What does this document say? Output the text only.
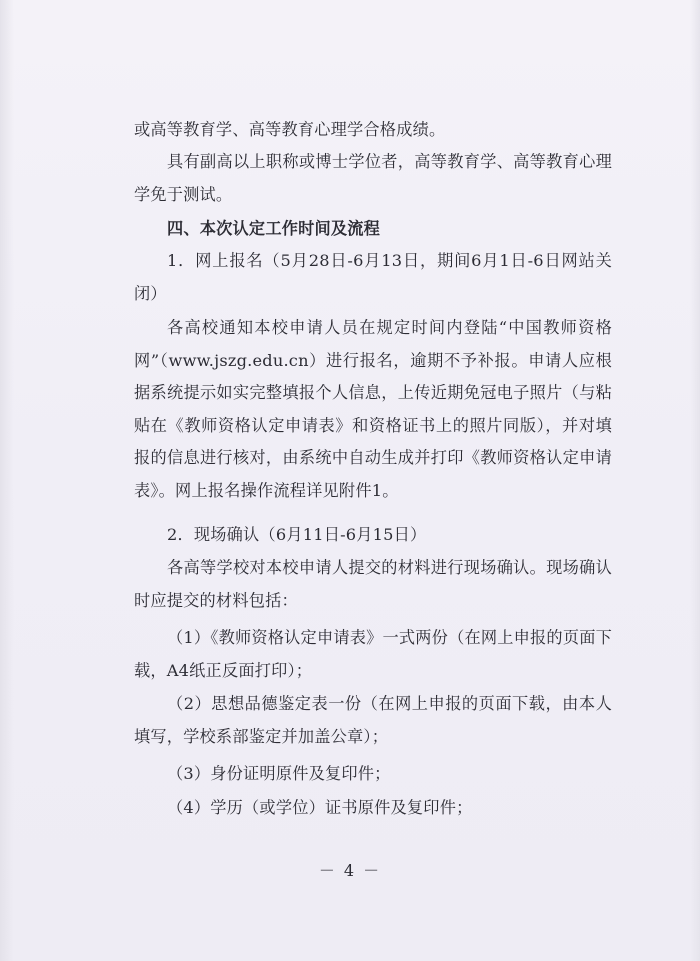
或高等教育学、高等教育心理学合格成绩。

具有副高以上职称或博士学位者，高等教育学、高等教育心理学免于测试。

四、本次认定工作时间及流程

1．网上报名（5月28日-6月13日，期间6月1日-6日网站关闭）

各高校通知本校申请人员在规定时间内登陆“中国教师资格网”（www.jszg.edu.cn）进行报名，逾期不予补报。申请人应根据系统提示如实完整填报个人信息，上传近期免冠电子照片（与粘贴在《教师资格认定申请表》和资格证书上的照片同版），并对填报的信息进行核对，由系统中自动生成并打印《教师资格认定申请表》。网上报名操作流程详见附件1。

2．现场确认（6月11日-6月15日）

各高等学校对本校申请人提交的材料进行现场确认。现场确认时应提交的材料包括：

（1）《教师资格认定申请表》一式两份（在网上申报的页面下载，A4纸正反面打印）；

（2）思想品德鉴定表一份（在网上申报的页面下载，由本人填写，学校系部鉴定并加盖公章）；

（3）身份证明原件及复印件；

（4）学历（或学位）证书原件及复印件；

－ 4 －
